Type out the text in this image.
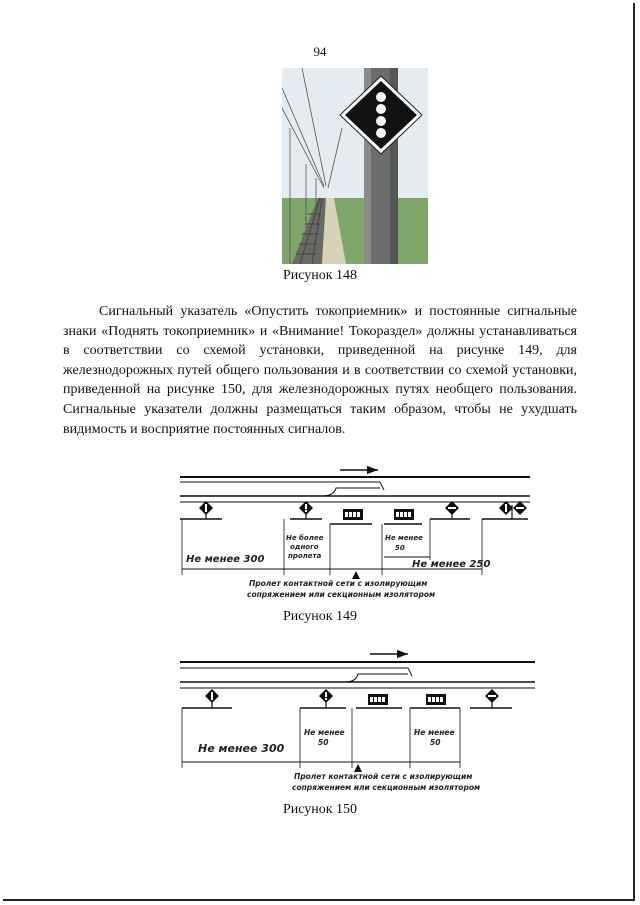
94
Рисунок 148

Сигнальный указатель «Опустить токоприемник» и постоянные сигнальные знаки «Поднять токоприемник» и «Внимание! Токораздел» должны устанавливаться в соответствии со схемой установки, приведенной на рисунке 149, для железнодорожных путей общего пользования и в соответствии со схемой установки, приведенной на рисунке 150, для железнодорожных путях необщего пользования. Сигнальные указатели должны размещаться таким образом, чтобы не ухудшать видимость и восприятие постоянных сигналов.

Не менее 300
Не более
одного
пролета
Не менее
50
Не менее 250
Пролет контактной сети с изолирующим
сопряжением или секционным изолятором
Не менее 300
Не менее
50
Не менее
50
Пролет контактной сети с изолирующим
сопряжением или секционным изолятором
Рисунок 149
Рисунок 150
